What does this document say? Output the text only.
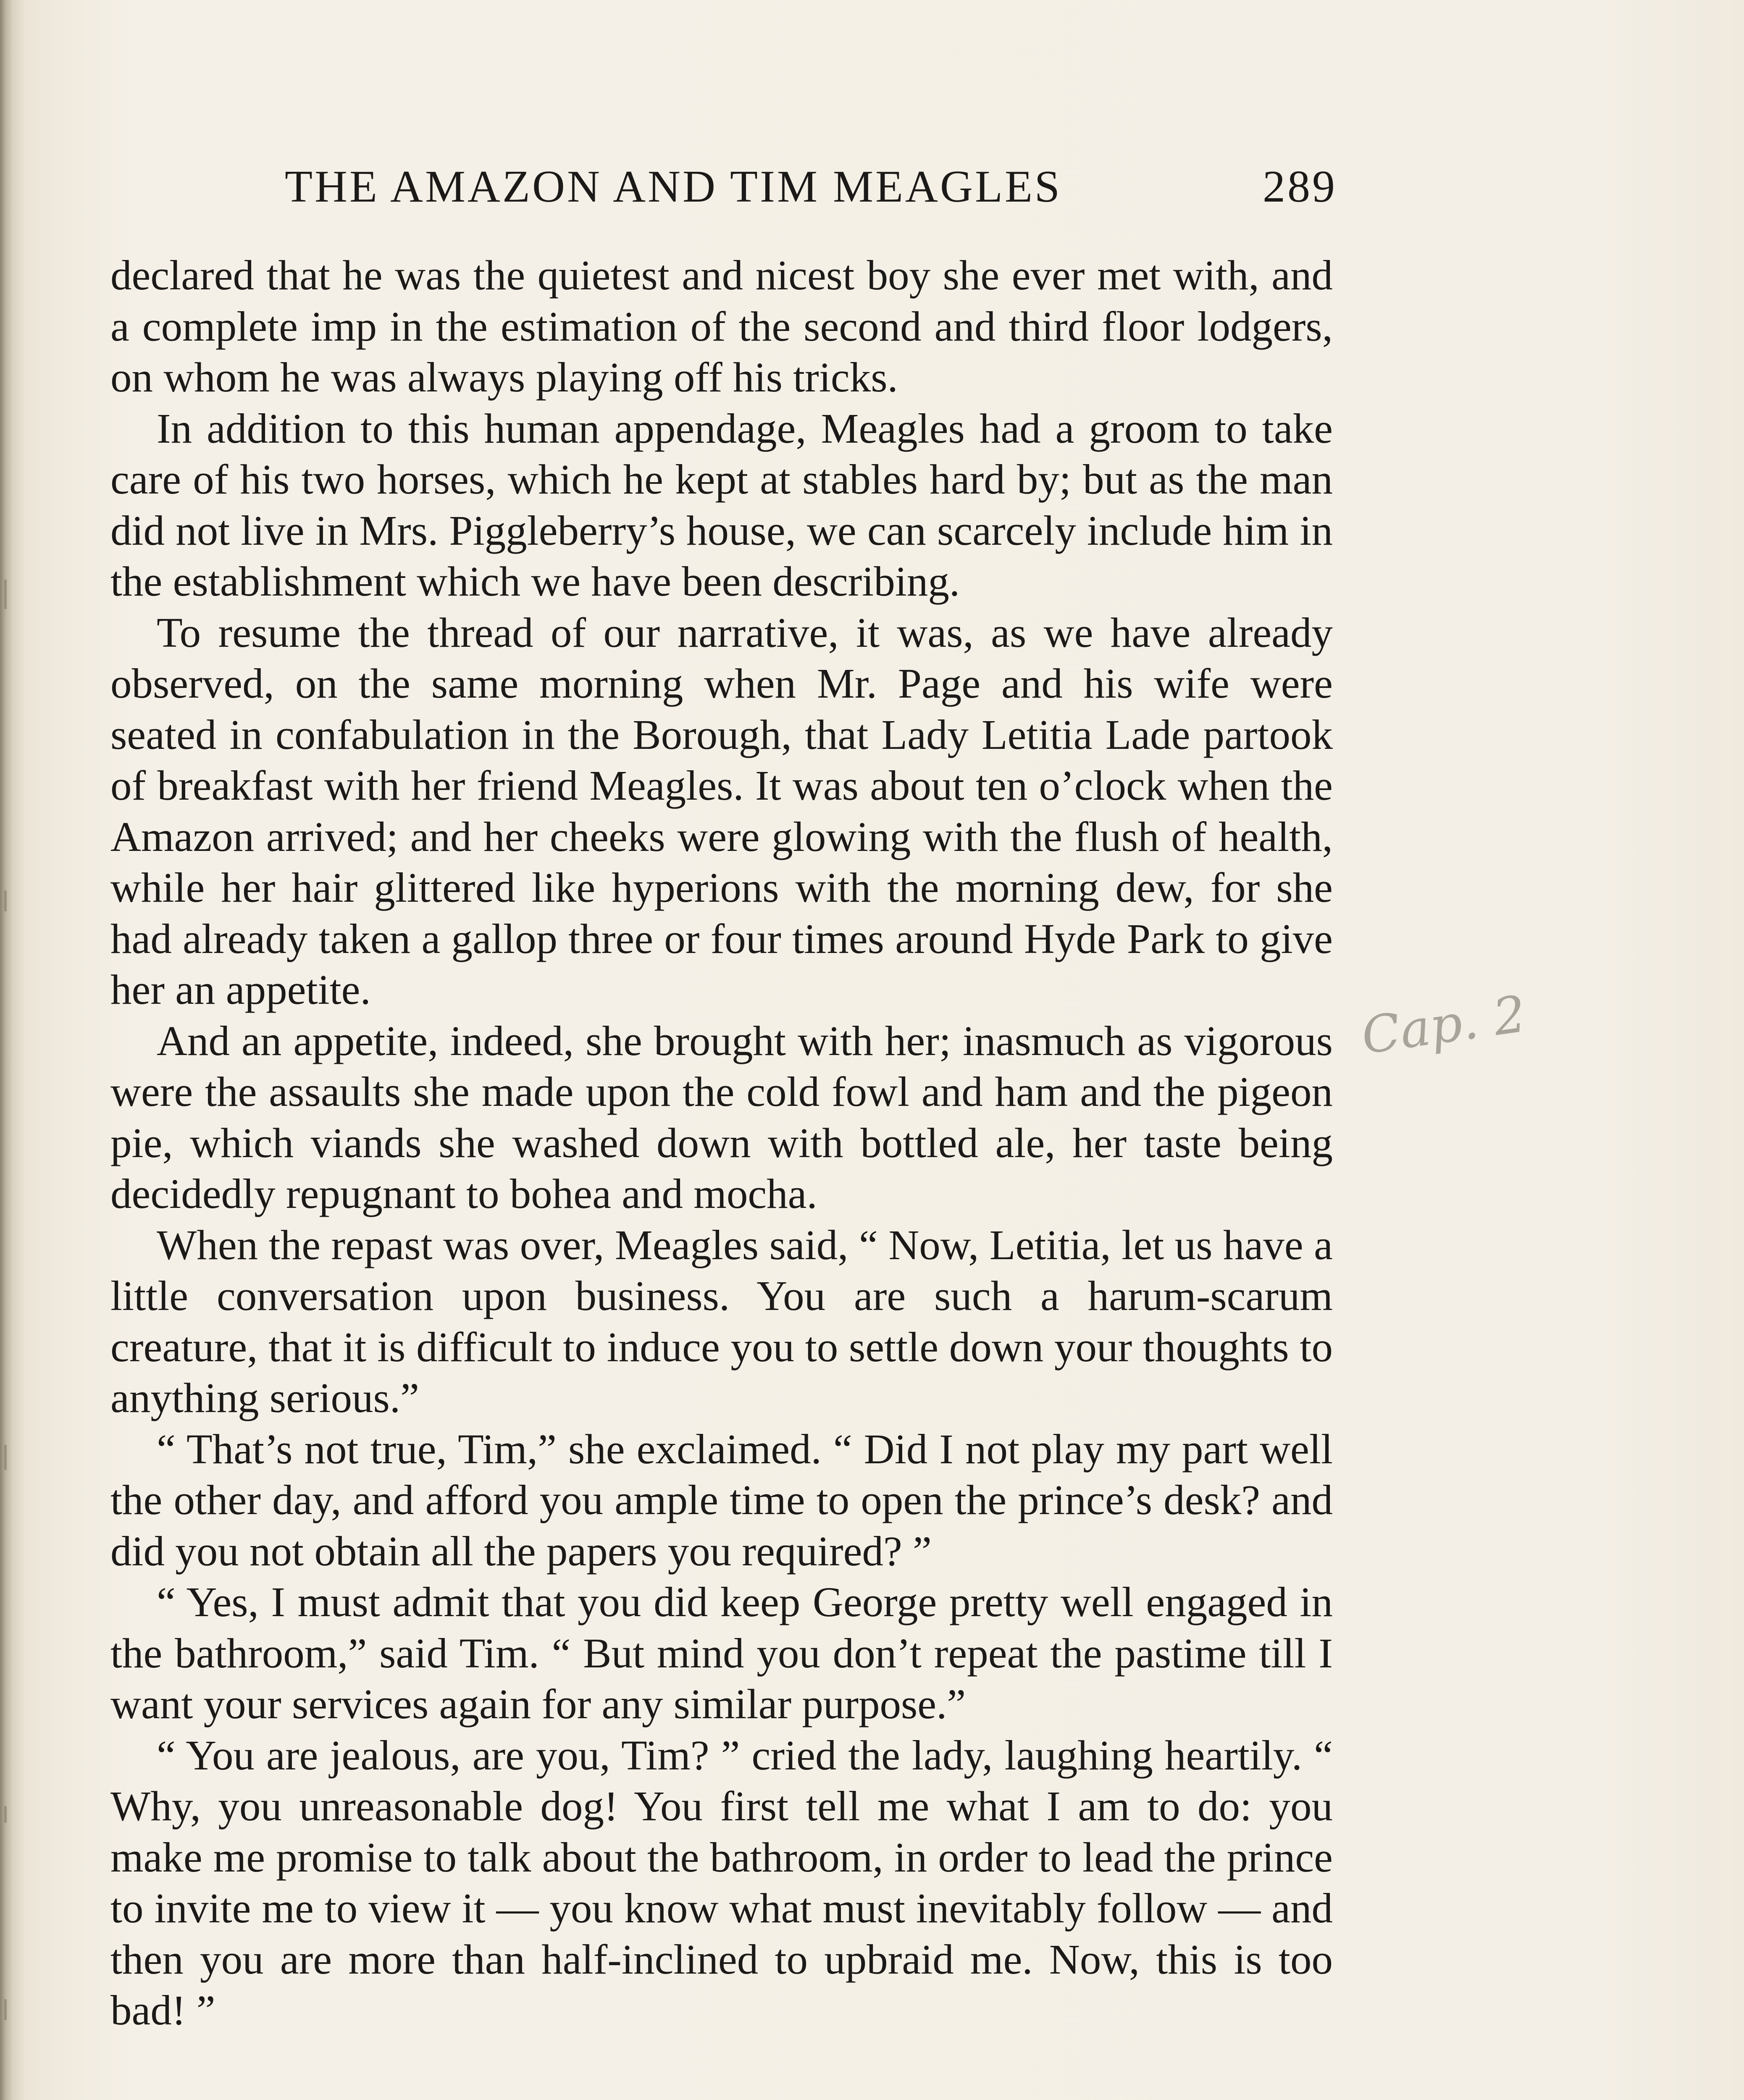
THE AMAZON AND TIM MEAGLES	289

declared that he was the quietest and nicest boy she ever met with, and a complete imp in the estimation of the second and third floor lodgers, on whom he was always playing off his tricks.

In addition to this human appendage, Meagles had a groom to take care of his two horses, which he kept at stables hard by; but as the man did not live in Mrs. Piggleberry’s house, we can scarcely include him in the establishment which we have been describing.

To resume the thread of our narrative, it was, as we have already observed, on the same morning when Mr. Page and his wife were seated in confabulation in the Borough, that Lady Letitia Lade partook of breakfast with her friend Meagles. It was about ten o’clock when the Amazon arrived; and her cheeks were glowing with the flush of health, while her hair glittered like hyperions with the morning dew, for she had already taken a gallop three or four times around Hyde Park to give her an appetite.

And an appetite, indeed, she brought with her; inasmuch as vigorous were the assaults she made upon the cold fowl and ham and the pigeon pie, which viands she washed down with bottled ale, her taste being decidedly repugnant to bohea and mocha.

When the repast was over, Meagles said, “ Now, Letitia, let us have a little conversation upon business. You are such a harum-scarum creature, that it is difficult to induce you to settle down your thoughts to anything serious.”

“ That’s not true, Tim,” she exclaimed. “ Did I not play my part well the other day, and afford you ample time to open the prince’s desk? and did you not obtain all the papers you required? ”

“ Yes, I must admit that you did keep George pretty well engaged in the bathroom,” said Tim. “ But mind you don’t repeat the pastime till I want your services again for any similar purpose.”

“ You are jealous, are you, Tim? ” cried the lady, laughing heartily. “ Why, you unreasonable dog! You first tell me what I am to do: you make me promise to talk about the bathroom, in order to lead the prince to invite me to view it — you know what must inevitably follow — and then you are more than half-inclined to upbraid me. Now, this is too bad! ”

Cap. 2
